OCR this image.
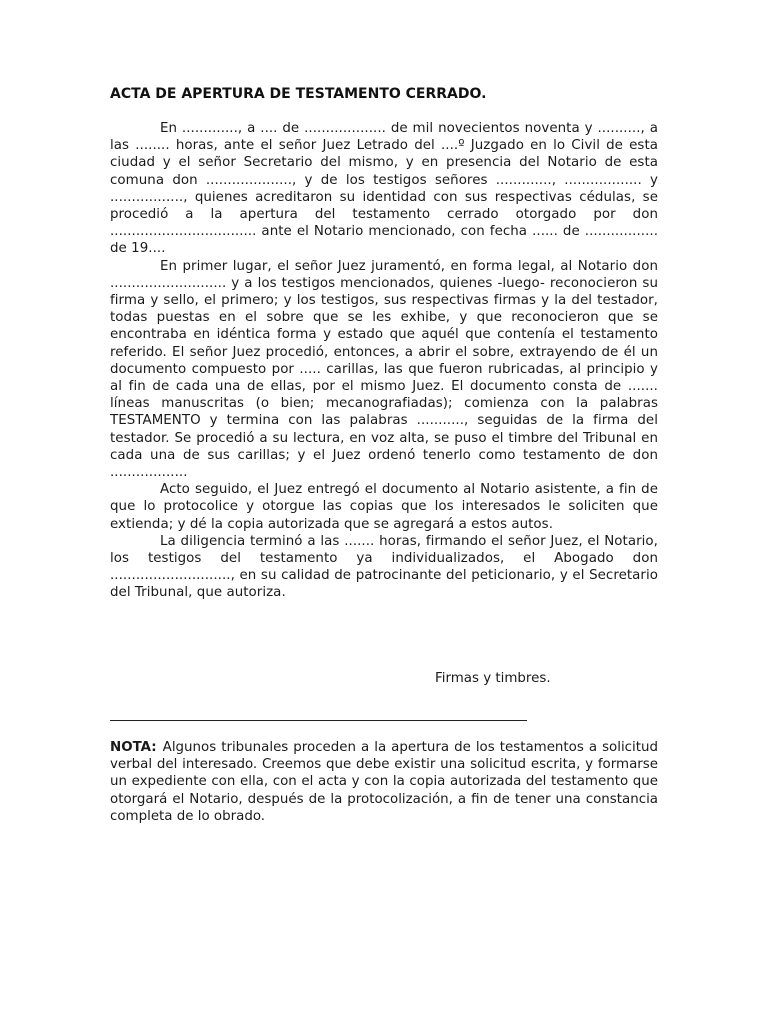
ACTA DE APERTURA DE TESTAMENTO CERRADO.

En ............., a .... de ................... de mil novecientos noventa y .........., a las ........ horas, ante el señor Juez Letrado del ....º Juzgado en lo Civil de esta ciudad y el señor Secretario del mismo, y en presencia del Notario de esta comuna don ...................., y de los testigos señores ............., .................. y ................., quienes acreditaron su identidad con sus respectivas cédulas, se procedió a la apertura del testamento cerrado otorgado por don .................................. ante el Notario mencionado, con fecha ...... de ................. de 19....

En primer lugar, el señor Juez juramentó, en forma legal, al Notario don ........................... y a los testigos mencionados, quienes -luego- reconocieron su firma y sello, el primero; y los testigos, sus respectivas firmas y la del testador, todas puestas en el sobre que se les exhibe, y que reconocieron que se encontraba en idéntica forma y estado que aquél que contenía el testamento referido. El señor Juez procedió, entonces, a abrir el sobre, extrayendo de él un documento compuesto por ..... carillas, las que fueron rubricadas, al principio y al fin de cada una de ellas, por el mismo Juez. El documento consta de ....... líneas manuscritas (o bien; mecanografiadas); comienza con la palabras TESTAMENTO y termina con las palabras ..........., seguidas de la firma del testador. Se procedió a su lectura, en voz alta, se puso el timbre del Tribunal en cada una de sus carillas; y el Juez ordenó tenerlo como testamento de don ..................

Acto seguido, el Juez entregó el documento al Notario asistente, a fin de que lo protocolice y otorgue las copias que los interesados le soliciten que extienda; y dé la copia autorizada que se agregará a estos autos.

La diligencia terminó a las ....... horas, firmando el señor Juez, el Notario, los testigos del testamento ya individualizados, el Abogado don ............................, en su calidad de patrocinante del peticionario, y el Secretario del Tribunal, que autoriza.

Firmas y timbres.
NOTA: Algunos tribunales proceden a la apertura de los testamentos a solicitud verbal del interesado. Creemos que debe existir una solicitud escrita, y formarse un expediente con ella, con el acta y con la copia autorizada del testamento que otorgará el Notario, después de la protocolización, a fin de tener una constancia completa de lo obrado.
